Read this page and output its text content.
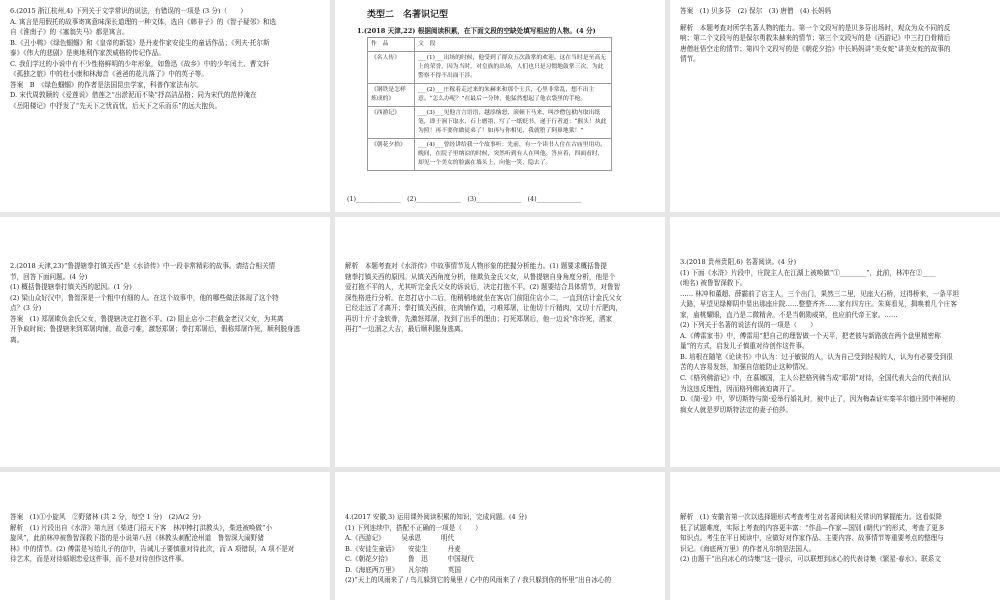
6.(2015 浙江杭州,4) 下列关于文学常识的说法，有错误的一项是 (3 分)（　　）

A. 寓言是用假托的故事寄寓意味深长道理的一种文体，选自《韩非子》的《智子疑邻》和选

自《淮南子》的《塞翁失马》都是寓言。

B.《丑小鸭》《绿色蝈蝈》和《皇帝的新装》是丹麦作家安徒生的童话作品；《列夫·托尔斯

泰》《伟大的悲剧》是奥地利作家茨威格的传记作品。

C. 我们学过的小说中有不少性格鲜明的少年形象，如鲁迅《故乡》中的少年闰土、曹文轩

《孤独之旅》中的杜小康和林海音《爸爸的花儿落了》中的英子等。

答案　B　《绿色蝈蝈》的作者是法国昆虫学家，科普作家法布尔。

D. 宋代周敦颐的《爱莲说》借莲之“出淤泥而不染”抒高洁品格；同为宋代的范仲淹在

《岳阳楼记》中抒发了“先天下之忧而忧，后天下之乐而乐”的远大抱负。

类型二　名著识记型

1.(2018 天津,22) 根据阅读积累，在下面文段的空缺处填写相应的人物。(4 分)

作　品	文　段
《名人传》	___(1)___出场的时候，他受到了群众五次鼓掌的欢迎。这在当时是至高无上的荣誉，因为当时，对皇族的出场，人们也只是习惯地鼓掌三次，为此警察不得不出面干涉。
《钢铁是怎样炼成的》	___(2)___庄稼着走过来的朱赫来和那个士兵，心里非常乱，想不出主意。“怎么办呢？”在最后一分钟，他猛然想起了他衣袋里的手枪。
《西游记》	___(3)___见他言言语语，越添恼怒，滚顿下马来，叫沙僧包袱内取出纸笔，即于涧下取水，石上磨墨，写了一纸贬书，递于行者道：“猴头！执此为照！再不要你做徒弟了！如再与你相见，我就堕了阿鼻地狱！”
《朝花夕拾》	___(4)___曾经讲给我一个故事听：先前，有一个读书人住在古庙里用功。晚间，在院子里纳凉的时候，突然听到有人在叫他。答应着，四面看时，却见一个美女的脸露在墙头上，向他一笑，隐去了。
(1)______________　(2)______________　(3)______________　(4)______________

答案　(1) 贝多芬　(2) 保尔　(3) 唐僧　(4) 长妈妈

解析　本题考查对所学名著人物的能力。第一个文段写的是贝多芬出场时，观众为众不同的反

响；第二个文段写的是保尔勇救朱赫来的情节；第三个文段写的是《西游记》中三打白骨精后

唐僧赶悟空走的情节；第四个文段写的是《朝花夕拾》中长妈妈讲“美女蛇”讲美女蛇的故事的

情节。

2.(2018 天津,23)“鲁提辖拳打镇关西”是《水浒传》中一段非常精彩的故事。请结合相关情

节，回答下面问题。(4 分)

(1) 概括鲁提辖拳打镇关西的起因。(1 分)

(2) 梁山众好汉中，鲁智深是一个粗中有细的人。在这个故事中，他的哪些做法体现了这个特

点？(3 分)

答案　(1) 郑屠欺负金氏父女，鲁提辖决定打抱不平。(2) 阻止店小二拦截金老汉父女，为其离

开争取时间；鲁提辖来到郑屠肉铺，故意刁难，激怒郑屠；拳打郑屠后，假称郑屠诈死，顺利脱身逃

离。

解析　本题考查对《水浒传》中故事情节及人物形象的把握分析能力。(1) 题要求概括鲁提

辖拳打镇关西的原因。从镇关西角度分析，他欺负金氏父女，从鲁提辖自身角度分析，他是个

爱打抱不平的人，尤其听完金氏父女的诉说后，决定打抱不平。(2) 题要结合具体情节，对鲁智

深性格进行分析。在忽打店小二后，他稍稍地就坐在客店门前阻住店小二，一直到估计金氏父女

已经走远了才离开；拳打镇关西前，在肉铺作道，刁难郑屠，让他切十斤精肉，又切十斤肥肉，

再切十斤寸金软骨，先激怒郑屠，找到了出手的理由；打死郑屠后，他一边说“你诈死，洒家

再打”一边溜之大吉，最后顺利脱身逃离。

3.(2018 贵州贵阳,6) 名著阅读。(4 分)

(1) 下面《水浒》片段中，庄院主人在江湖上被唤做“①________”，此前，林冲在②____

(地名) 被鲁智深救下。

…… 林冲和董超、薛霸前了店主人，三个出门，果然三二里，见座大石桥，过得桥来，一条平坦

大路，早望见绿柳阴中显出那座庄院……整整齐齐……家有四方庄。朱赛看见，揖唤着几个庄客

家，庙桃耀眼，直乃是二微精舍。不是当朝勋威第，也应前代帝王家。……

(2) 下列关于名著的说法有误的一项是（　　）

A.《傅雷家书》中，傅雷用“把自己的理智做一个天平，把老彼与新路放在两个盘里精密称

量”的方式，启发儿子慎重对待创作这件事。

B. 培根在随笔《论读书》中认为：过于敏锐的人，认为自己受到轻视的人，认为有必要受到很

苦的人容易发怒，加强自信能防止这种情况。

C.《格列佛游记》中，在慕娜国，主人公把格列佛当成“耶胡”对待，全国代表大会的代表们认

为这违反理性，因而格列佛被迫离开了。

D.《简·爱》中，罗切斯特与简·爱举行婚礼时，被中止了，因为梅森证实秦羊尔德庄园中神秘的

疯女人就是罗切斯特法定的妻子伯莎。

答案　(1)①小旋风　②野猪林 (共 2 分，每空 1 分)　(2)A(2 分)

解析　(1) 片段出自《水浒》第九回《柴进门招天下客　林冲棒打洪教头》，柴进被唤做“小

旋风”，此前林冲被鲁智深救下指的是小说第八回《林教头刺配沧州道　鲁智深大闹野猪

林》中的情节。(2) 傅雷是写给儿子的信中，告诫儿子要慎重对待此次，而 A 项错误，A 项不是对

待艺术，而是对待婚姻恋爱这件事，而不是对待创作这件事。

4.(2017 安徽,3) 运用课外阅读积累的知识，完成问题。(4 分)

(1) 下列连续中，搭配不正确的一项是（　　）

A.《西游记》　　　吴承恩　　　明代

B.《安徒生童话》　　安徒生　　　丹麦

C.《朝花夕拾》　　　鲁　迅　　　中国现代

D.《海底两万里》　　凡尔纳　　　英国

(2)“天上的风雨来了 / 鸟儿躲到它的巢里 / 心中的风雨来了 / 我只躲到你的怀里”出自冰心的

解析　(1) 安徽省第一次以选择题形式考查考生对名著阅读相关常识的掌握能力。这看似降

低了试题难度，实际上考查的内容更丰富：“作品—作家—国别 (朝代)”的形式，考查了更多

知识点。考生在平日阅读中，应做好对作家作品、主要内容、故事情节等重要考点的整理与

识记。《海底两万里》的作者凡尔纳是法国人。

(2) 由题干“出自冰心的诗集”这一提示，可以联想到冰心的代表诗集《繁星·春水》。联系文
